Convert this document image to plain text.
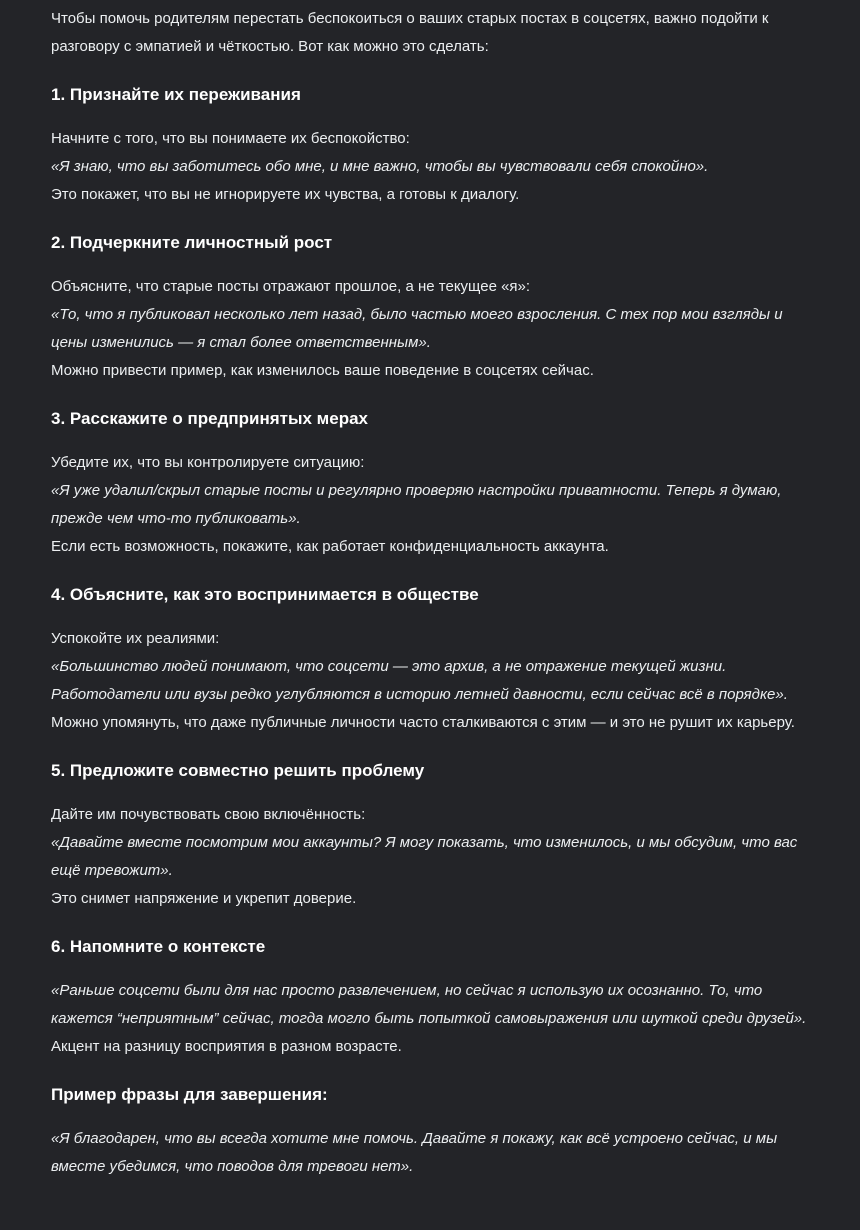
Чтобы помочь родителям перестать беспокоиться о ваших старых постах в соцсетях, важно подойти к разговору с эмпатией и чёткостью. Вот как можно это сделать:

1. Признайте их переживания

Начните с того, что вы понимаете их беспокойство:
«Я знаю, что вы заботитесь обо мне, и мне важно, чтобы вы чувствовали себя спокойно».
Это покажет, что вы не игнорируете их чувства, а готовы к диалогу.

2. Подчеркните личностный рост

Объясните, что старые посты отражают прошлое, а не текущее «я»:
«То, что я публиковал несколько лет назад, было частью моего взросления. С тех пор мои взгляды и цены изменились — я стал более ответственным».
Можно привести пример, как изменилось ваше поведение в соцсетях сейчас.

3. Расскажите о предпринятых мерах

Убедите их, что вы контролируете ситуацию:
«Я уже удалил/скрыл старые посты и регулярно проверяю настройки приватности. Теперь я думаю, прежде чем что-то публиковать».
Если есть возможность, покажите, как работает конфиденциальность аккаунта.

4. Объясните, как это воспринимается в обществе

Успокойте их реалиями:
«Большинство людей понимают, что соцсети — это архив, а не отражение текущей жизни. Работодатели или вузы редко углубляются в историю летней давности, если сейчас всё в порядке».
Можно упомянуть, что даже публичные личности часто сталкиваются с этим — и это не рушит их карьеру.

5. Предложите совместно решить проблему

Дайте им почувствовать свою включённость:
«Давайте вместе посмотрим мои аккаунты? Я могу показать, что изменилось, и мы обсудим, что вас ещё тревожит».
Это снимет напряжение и укрепит доверие.

6. Напомните о контексте

«Раньше соцсети были для нас просто развлечением, но сейчас я использую их осознанно. То, что кажется “неприятным” сейчас, тогда могло быть попыткой самовыражения или шуткой среди друзей».
Акцент на разницу восприятия в разном возрасте.

Пример фразы для завершения:

«Я благодарен, что вы всегда хотите мне помочь. Давайте я покажу, как всё устроено сейчас, и мы вместе убедимся, что поводов для тревоги нет».
